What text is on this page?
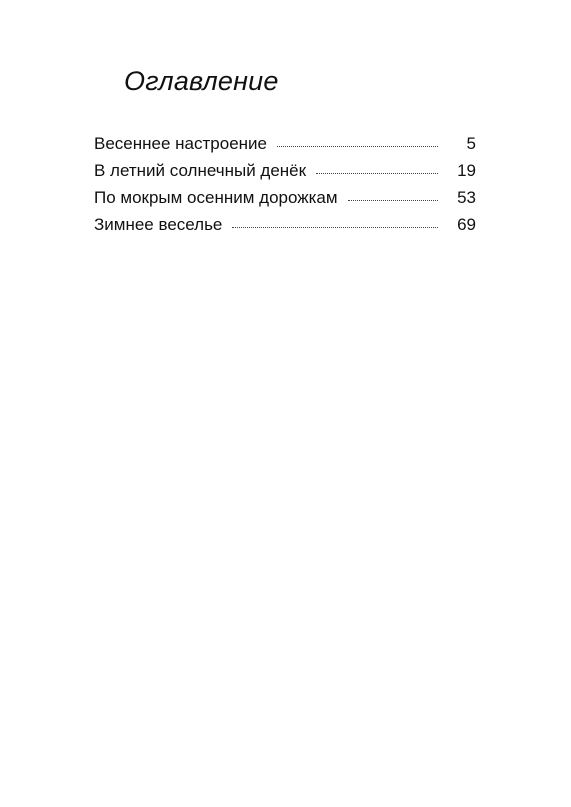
Оглавление
Весеннее настроение	5
В летний солнечный денёк	19
По мокрым осенним дорожкам	53
Зимнее веселье	69
